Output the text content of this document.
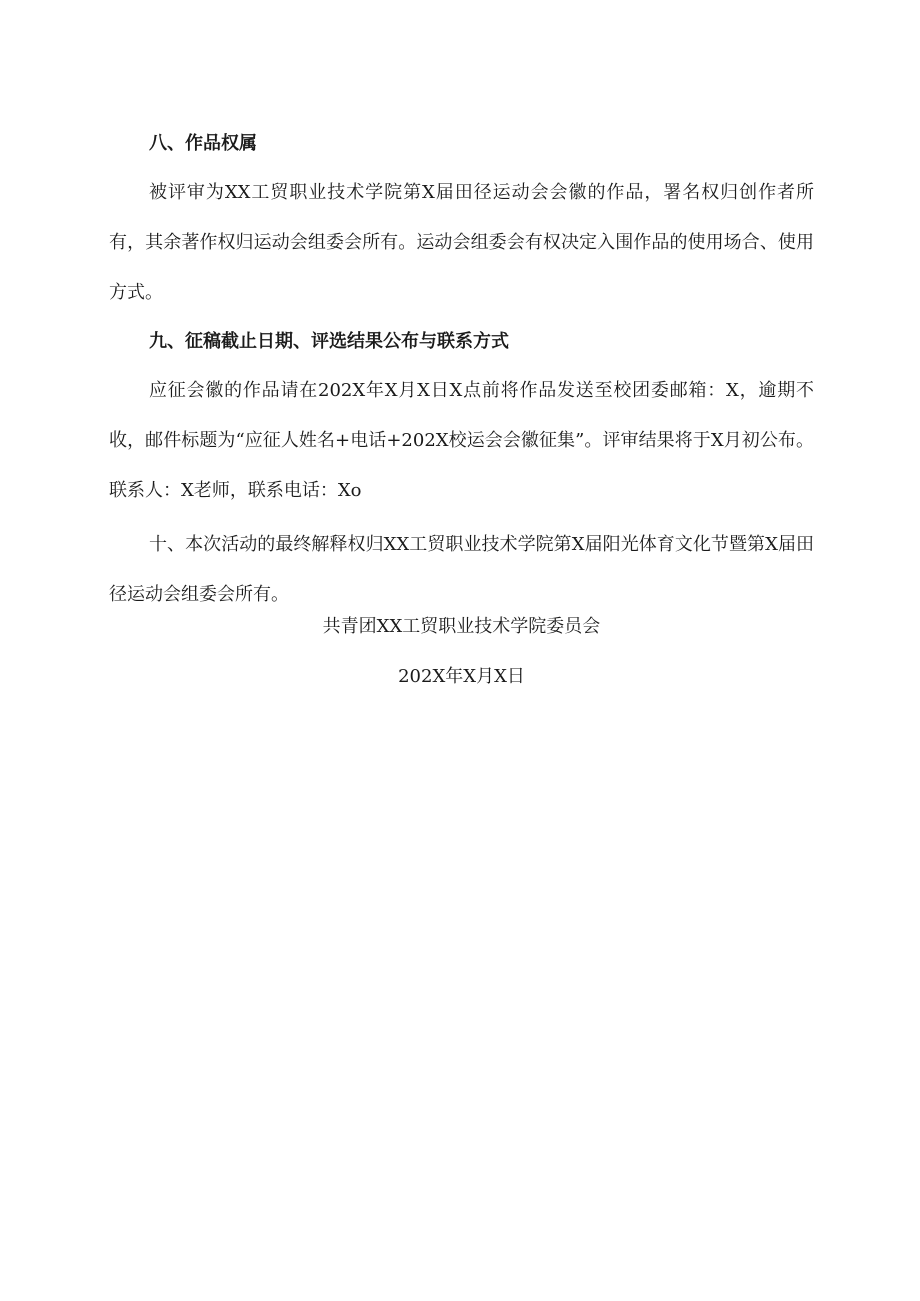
八、作品权属

被评审为XX工贸职业技术学院第X届田径运动会会徽的作品，署名权归创作者所有，其余著作权归运动会组委会所有。运动会组委会有权决定入围作品的使用场合、使用方式。

九、征稿截止日期、评选结果公布与联系方式

应征会徽的作品请在202X年X月X日X点前将作品发送至校团委邮箱：X，逾期不收，邮件标题为“应征人姓名+电话+202X校运会会徽征集”。评审结果将于X月初公布。联系人：X老师，联系电话：Xo

十、本次活动的最终解释权归XX工贸职业技术学院第X届阳光体育文化节暨第X届田径运动会组委会所有。

共青团XX工贸职业技术学院委员会

202X年X月X日
